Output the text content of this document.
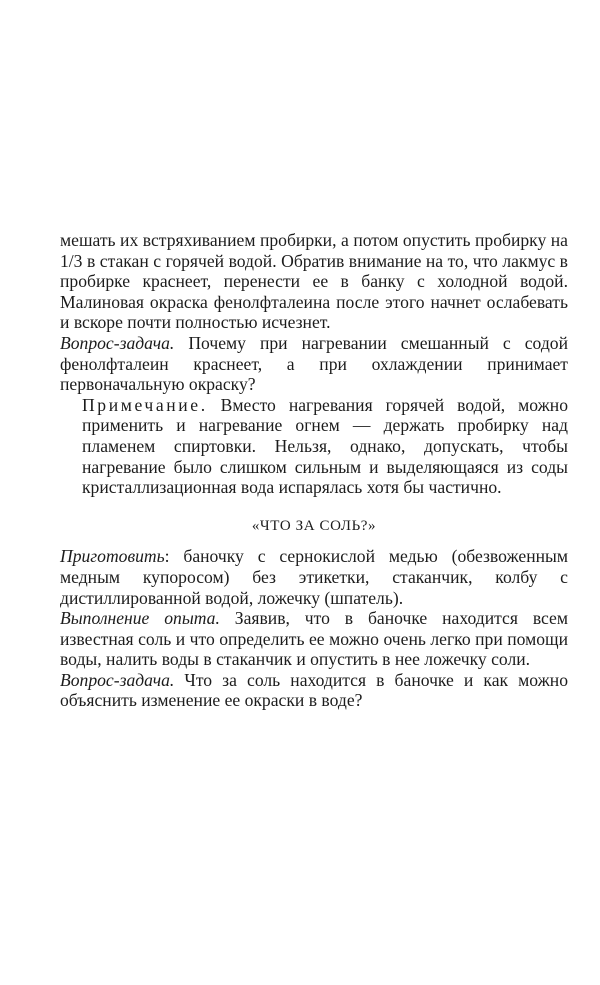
мешать их встряхиванием пробирки, а потом опустить пробирку на 1/3 в стакан с горячей водой. Обратив внимание на то, что лакмус в пробирке краснеет, перенести ее в банку с холодной водой. Малиновая окраска фенолфталеина после этого начнет ослабевать и вскоре почти полностью исчезнет.

Вопрос-задача. Почему при нагревании смешанный с содой фенолфталеин краснеет, а при охлаждении принимает первоначальную окраску?

Примечание. Вместо нагревания горячей водой, можно применить и нагревание огнем — держать пробирку над пламенем спиртовки. Нельзя, однако, допускать, чтобы нагревание было слишком сильным и выделяющаяся из соды кристаллизационная вода испарялась хотя бы частично.

«ЧТО ЗА СОЛЬ?»

Приготовить: баночку с сернокислой медью (обезвоженным медным купоросом) без этикетки, стаканчик, колбу с дистиллированной водой, ложечку (шпатель).

Выполнение опыта. Заявив, что в баночке находится всем известная соль и что определить ее можно очень легко при помощи воды, налить воды в стаканчик и опустить в нее ложечку соли.

Вопрос-задача. Что за соль находится в баночке и как можно объяснить изменение ее окраски в воде?
